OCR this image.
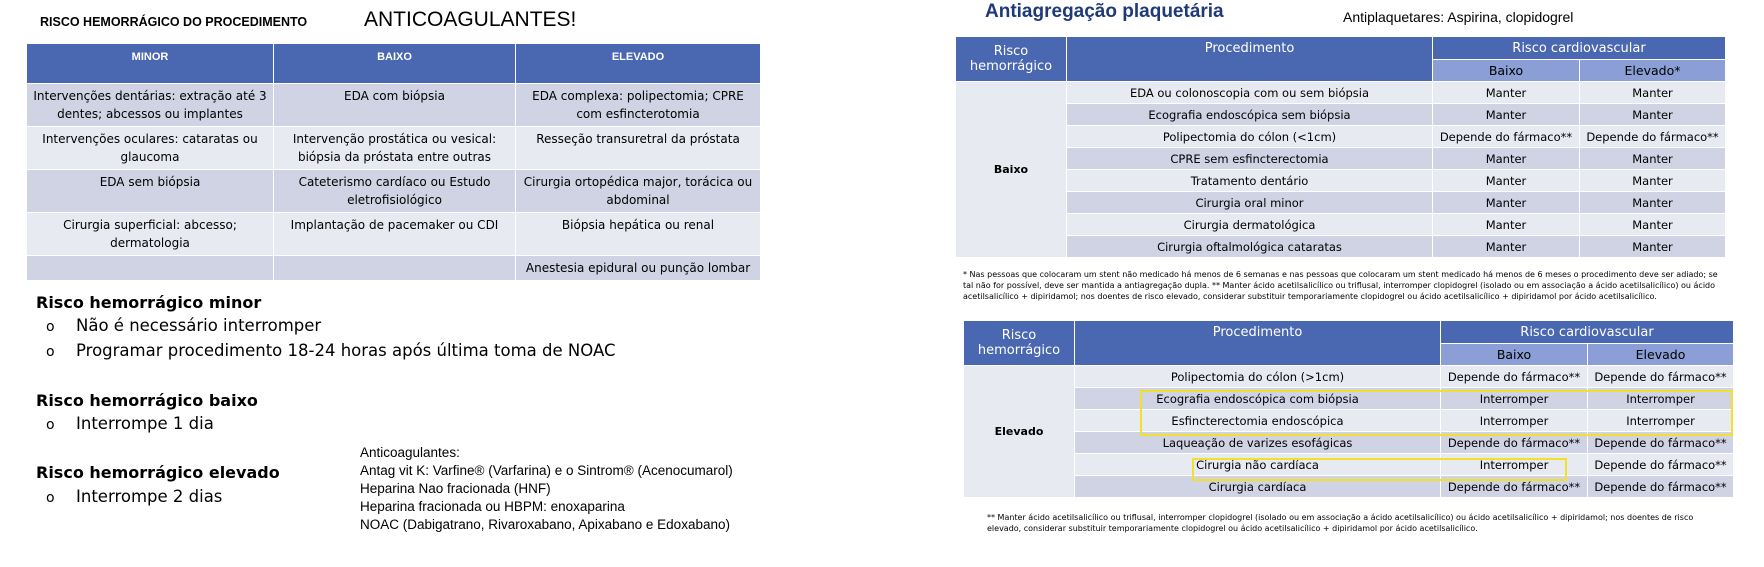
RISCO HEMORRÁGICO DO PROCEDIMENTO	ANTICOAGULANTES!
MINOR	BAIXO	ELEVADO
Intervenções dentárias: extração até 3 dentes; abcessos ou implantes	EDA com biópsia	EDA complexa: polipectomia; CPRE com esfincterotomia
Intervenções oculares: cataratas ou glaucoma	Intervenção prostática ou vesical: biópsia da próstata entre outras	Resseção transuretral da próstata
EDA sem biópsia	Cateterismo cardíaco ou Estudo eletrofisiológico	Cirurgia ortopédica major, torácica ou abdominal
Cirurgia superficial: abcesso; dermatologia	Implantação de pacemaker ou CDI	Biópsia hepática ou renal
		Anestesia epidural ou punção lombar
Risco hemorrágico minor
o Não é necessário interromper
o Programar procedimento 18-24 horas após última toma de NOAC
Risco hemorrágico baixo
o Interrompe 1 dia
Risco hemorrágico elevado
o Interrompe 2 dias
Anticoagulantes:
Antag vit K: Varfine® (Varfarina) e o Sintrom® (Acenocumarol)
Heparina Nao fracionada (HNF)
Heparina fracionada ou HBPM: enoxaparina
NOAC (Dabigatrano, Rivaroxabano, Apixabano e Edoxabano)
Antiagregação plaquetária	Antiplaquetares: Aspirina, clopidogrel
Risco hemorrágico	Procedimento	Risco cardiovascular	
		Baixo	Elevado*
Baixo	EDA ou colonoscopia com ou sem biópsia	Manter	Manter
	Ecografia endoscópica sem biópsia	Manter	Manter
	Polipectomia do cólon (<1cm)	Depende do fármaco**	Depende do fármaco**
	CPRE sem esfincterectomia	Manter	Manter
	Tratamento dentário	Manter	Manter
	Cirurgia oral minor	Manter	Manter
	Cirurgia dermatológica	Manter	Manter
	Cirurgia oftalmológica cataratas	Manter	Manter
* Nas pessoas que colocaram um stent não medicado há menos de 6 semanas e nas pessoas que colocaram um stent medicado há menos de 6 meses o procedimento deve ser adiado; se tal não for possível, deve ser mantida a antiagregação dupla. ** Manter ácido acetilsalicílico ou triflusal, interromper clopidogrel (isolado ou em associação a ácido acetilsalicílico) ou ácido acetilsalicílico + dipiridamol; nos doentes de risco elevado, considerar substituir temporariamente clopidogrel ou ácido acetilsalicílico + dipiridamol por ácido acetilsalicílico.
Risco hemorrágico	Procedimento	Risco cardiovascular	
		Baixo	Elevado
Elevado	Polipectomia do cólon (>1cm)	Depende do fármaco**	Depende do fármaco**
	Ecografia endoscópica com biópsia	Interromper	Interromper
	Esfincterectomia endoscópica	Interromper	Interromper
	Laqueação de varizes esofágicas	Depende do fármaco**	Depende do fármaco**
	Cirurgia não cardíaca	Interromper	Depende do fármaco**
	Cirurgia cardíaca	Depende do fármaco**	Depende do fármaco**
** Manter ácido acetilsalicílico ou triflusal, interromper clopidogrel (isolado ou em associação a ácido acetilsalicílico) ou ácido acetilsalicílico + dipiridamol; nos doentes de risco elevado, considerar substituir temporariamente clopidogrel ou ácido acetilsalicílico + dipiridamol por ácido acetilsalicílico.
